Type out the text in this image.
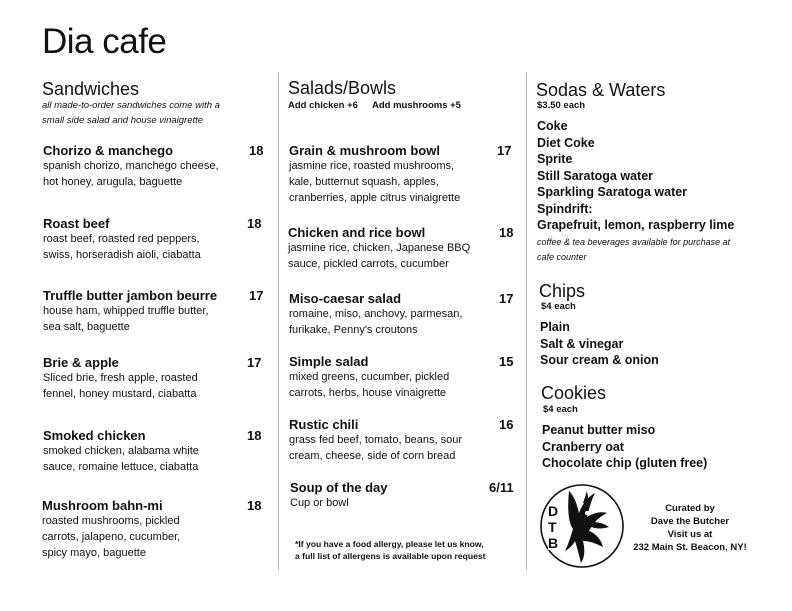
Dia cafe
Sandwiches
all made-to-order sandwiches come with a
small side salad and house vinaigrette
Chorizo & manchego	18
spanish chorizo, manchego cheese,
hot honey, arugula, baguette
Roast beef	18
roast beef, roasted red peppers,
swiss, horseradish aioli, ciabatta
Truffle butter jambon beurre	17
house ham, whipped truffle butter,
sea salt, baguette
Brie & apple	17
Sliced brie, fresh apple, roasted
fennel, honey mustard, ciabatta
Smoked chicken	18
smoked chicken, alabama white
sauce, romaine lettuce, ciabatta
Mushroom bahn-mi	18
roasted mushrooms, pickled
carrots, jalapeno, cucumber,
spicy mayo, baguette
Salads/Bowls
Add chicken +6 Add mushrooms +5
Grain & mushroom bowl	17
jasmine rice, roasted mushrooms,
kale, butternut squash, apples,
cranberries, apple citrus vinaigrette
Chicken and rice bowl	18
jasmine rice, chicken, Japanese BBQ
sauce, pickled carrots, cucumber
Miso-caesar salad	17
romaine, miso, anchovy, parmesan,
furikake, Penny's croutons
Simple salad	15
mixed greens, cucumber, pickled
carrots, herbs, house vinaigrette
Rustic chili	16
grass fed beef, tomato, beans, sour
cream, cheese, side of corn bread
Soup of the day	6/11
Cup or bowl
*If you have a food allergy, please let us know,
a full list of allergens is available upon request
Sodas & Waters
$3.50 each
Coke
Diet Coke
Sprite
Still Saratoga water
Sparkling Saratoga water
Spindrift:
Grapefruit, lemon, raspberry lime
coffee & tea beverages available for purchase at
cafe counter
Chips
$4 each
Plain
Salt & vinegar
Sour cream & onion
Cookies
$4 each
Peanut butter miso
Cranberry oat
Chocolate chip (gluten free)
D
T
B
Curated by
Dave the Butcher
Visit us at
232 Main St. Beacon, NY!
